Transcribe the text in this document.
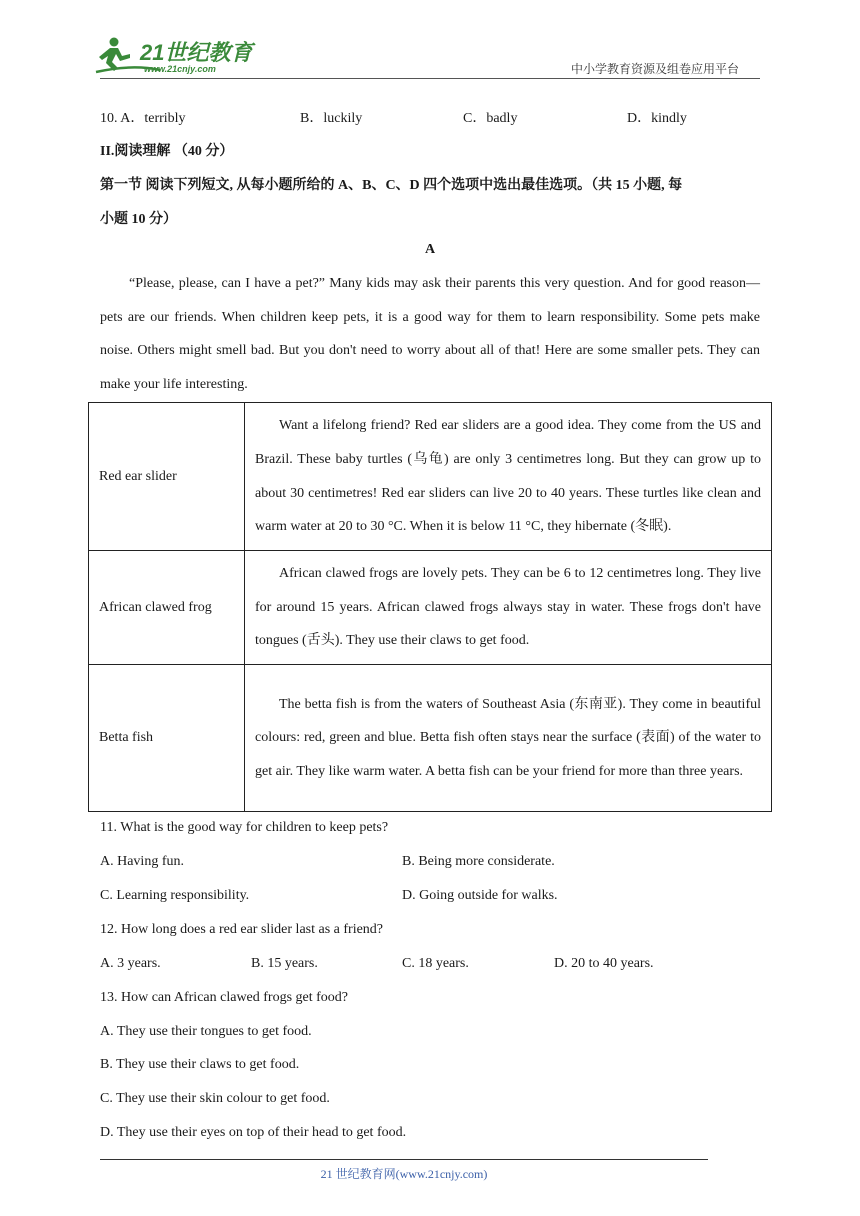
21世纪教育
www.21cnjy.com	中小学教育资源及组卷应用平台
10. A．terribly	B．luckily	C．badly	D．kindly
II.阅读理解 （40 分）
第一节 阅读下列短文, 从每小题所给的 A、B、C、D 四个选项中选出最佳选项。（共 15 小题, 每
小题 10 分）
A

“Please, please, can I have a pet?” Many kids may ask their parents this very question. And for good reason—pets are our friends. When children keep pets, it is a good way for them to learn responsibility. Some pets make noise. Others might smell bad. But you don't need to worry about all of that! Here are some smaller pets. They can make your life interesting.

Red ear slider	Want a lifelong friend? Red ear sliders are a good idea. They come from the US and Brazil. These baby turtles (乌龟) are only 3 centimetres long. But they can grow up to about 30 centimetres! Red ear sliders can live 20 to 40 years. These turtles like clean and warm water at 20 to 30 °C. When it is below 11 °C, they hibernate (冬眠).

African clawed frog	African clawed frogs are lovely pets. They can be 6 to 12 centimetres long. They live for around 15 years. African clawed frogs always stay in water. These frogs don't have tongues (舌头). They use their claws to get food.

Betta fish	The betta fish is from the waters of Southeast Asia (东南亚). They come in beautiful colours: red, green and blue. Betta fish often stays near the surface (表面) of the water to get air. They like warm water. A betta fish can be your friend for more than three years.

11. What is the good way for children to keep pets?
A. Having fun.	B. Being more considerate.
C. Learning responsibility.	D. Going outside for walks.
12. How long does a red ear slider last as a friend?
A. 3 years.	B. 15 years.	C. 18 years.	D. 20 to 40 years.
13. How can African clawed frogs get food?
A. They use their tongues to get food.
B. They use their claws to get food.
C. They use their skin colour to get food.
D. They use their eyes on top of their head to get food.
21 世纪教育网(www.21cnjy.com)
